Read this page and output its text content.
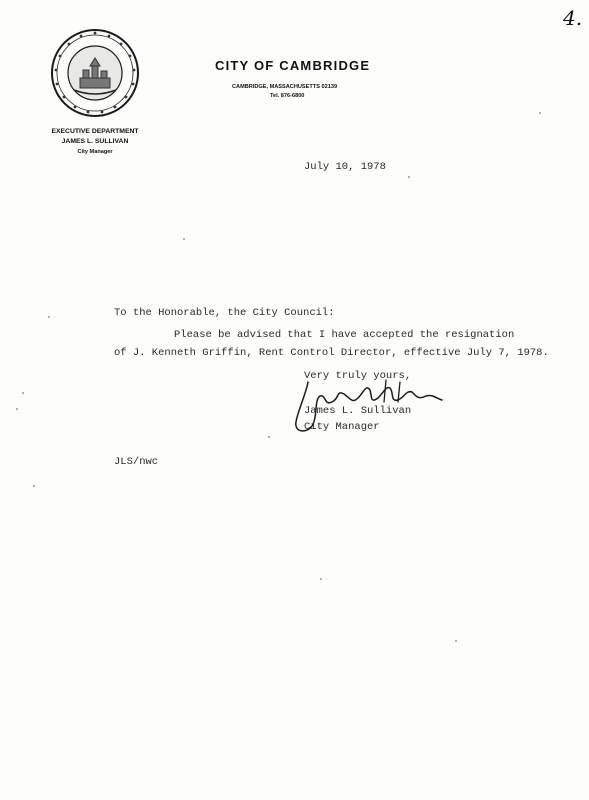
4.
CITY OF CAMBRIDGE
CAMBRIDGE, MASSACHUSETTS 02139
Tel. 876-6800
EXECUTIVE DEPARTMENT
JAMES L. SULLIVAN
City Manager
July 10, 1978
To the Honorable, the City Council:
Please be advised that I have accepted the resignation
of J. Kenneth Griffin, Rent Control Director, effective July 7, 1978.
Very truly yours,
James L. Sullivan
City Manager
JLS/nwc
